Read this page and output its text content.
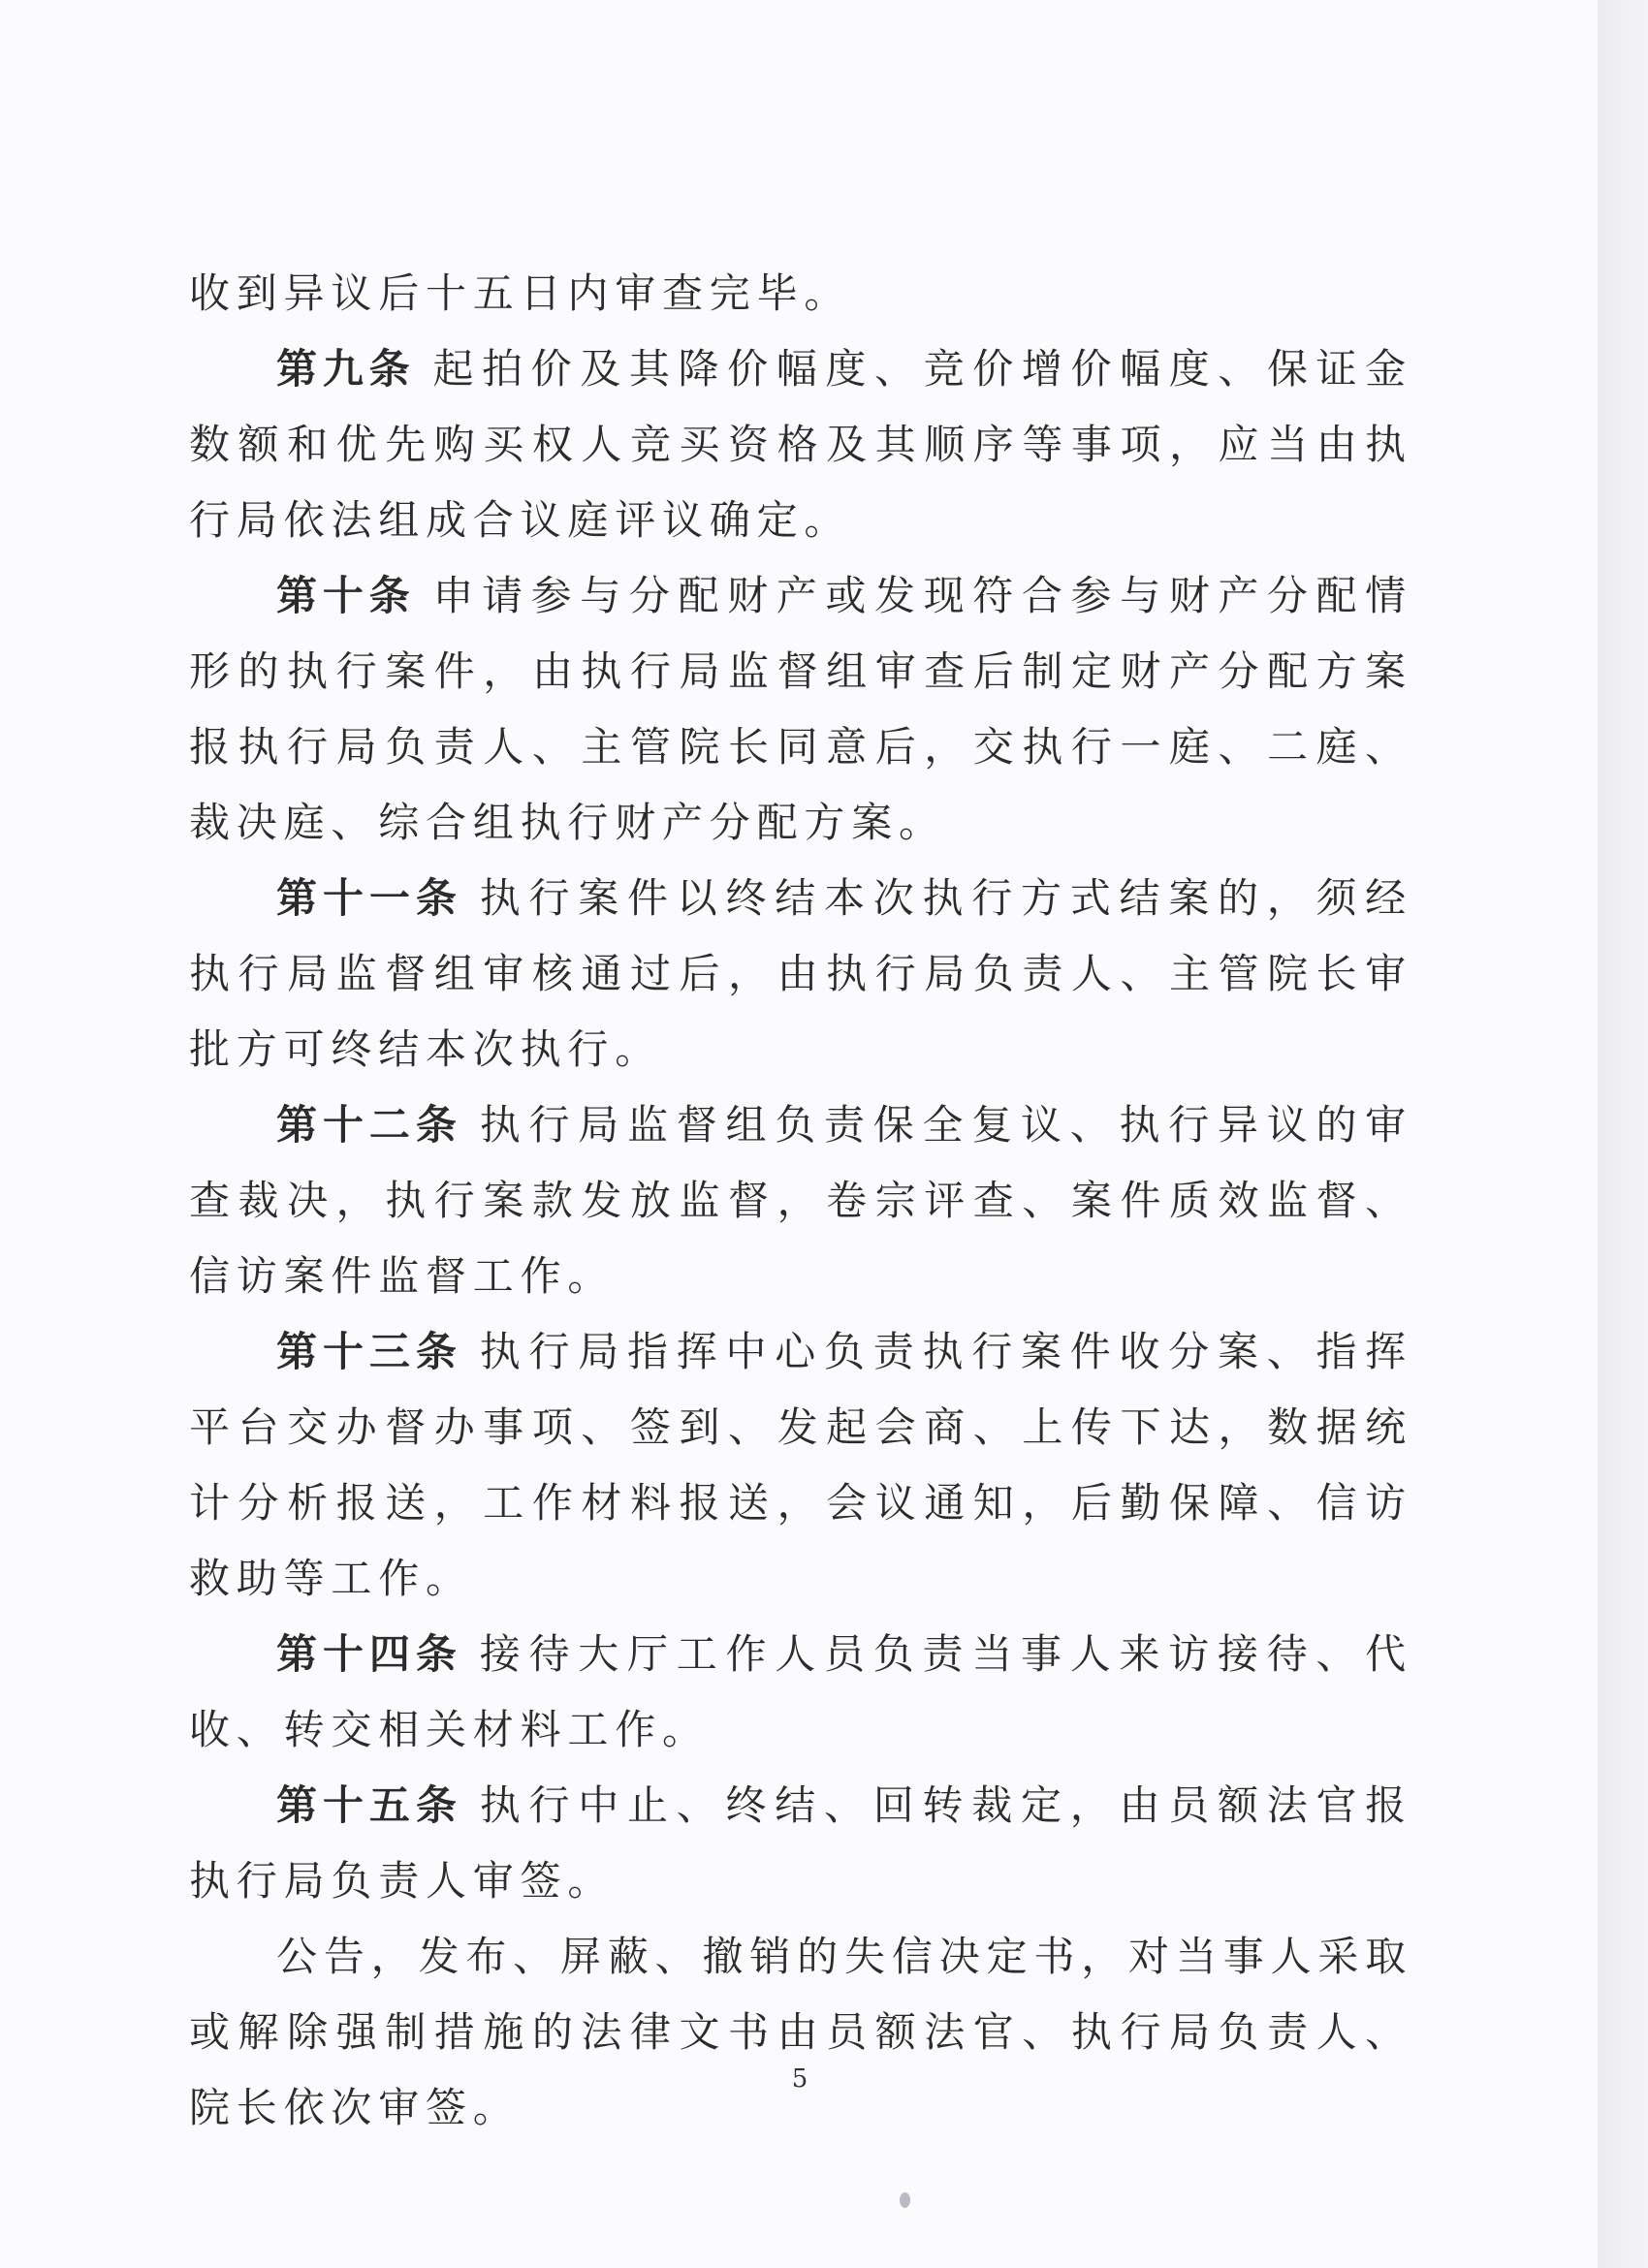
收到异议后十五日内审查完毕。

第九条 起拍价及其降价幅度、竞价增价幅度、保证金数额和优先购买权人竞买资格及其顺序等事项，应当由执行局依法组成合议庭评议确定。

第十条 申请参与分配财产或发现符合参与财产分配情形的执行案件，由执行局监督组审查后制定财产分配方案报执行局负责人、主管院长同意后，交执行一庭、二庭、裁决庭、综合组执行财产分配方案。

第十一条 执行案件以终结本次执行方式结案的，须经执行局监督组审核通过后，由执行局负责人、主管院长审批方可终结本次执行。

第十二条 执行局监督组负责保全复议、执行异议的审查裁决，执行案款发放监督，卷宗评查、案件质效监督、信访案件监督工作。

第十三条 执行局指挥中心负责执行案件收分案、指挥平台交办督办事项、签到、发起会商、上传下达，数据统计分析报送，工作材料报送，会议通知，后勤保障、信访救助等工作。

第十四条 接待大厅工作人员负责当事人来访接待、代收、转交相关材料工作。

第十五条 执行中止、终结、回转裁定，由员额法官报执行局负责人审签。

公告，发布、屏蔽、撤销的失信决定书，对当事人采取或解除强制措施的法律文书由员额法官、执行局负责人、院长依次审签。

5
